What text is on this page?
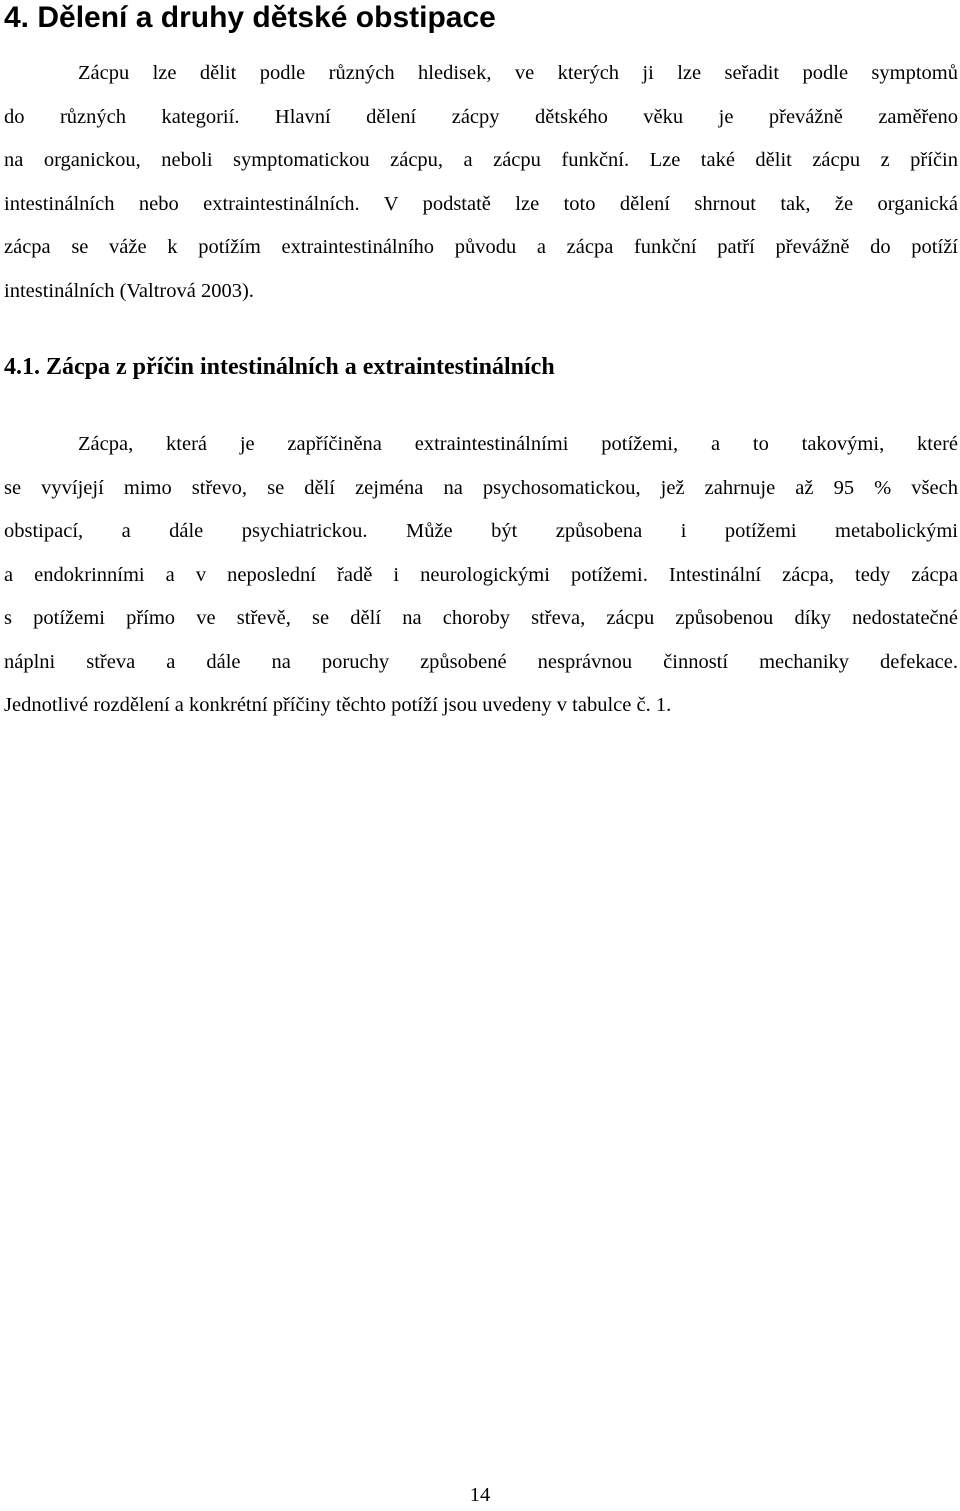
4. Dělení a druhy dětské obstipace
Zácpu lze dělit podle různých hledisek, ve kterých ji lze seřadit podle symptomů
do různých kategorií. Hlavní dělení zácpy dětského věku je převážně zaměřeno
na organickou, neboli symptomatickou zácpu, a zácpu funkční. Lze také dělit zácpu z příčin
intestinálních nebo extraintestinálních. V podstatě lze toto dělení shrnout tak, že organická
zácpa se váže k potížím extraintestinálního původu a zácpa funkční patří převážně do potíží
intestinálních (Valtrová 2003).
4.1. Zácpa z příčin intestinálních a extraintestinálních
Zácpa, která je zapříčiněna extraintestinálními potížemi, a to takovými, které
se vyvíjejí mimo střevo, se dělí zejména na psychosomatickou, jež zahrnuje až 95 % všech
obstipací, a dále psychiatrickou. Může být způsobena i potížemi metabolickými
a endokrinními a v neposlední řadě i neurologickými potížemi. Intestinální zácpa, tedy zácpa
s potížemi přímo ve střevě, se dělí na choroby střeva, zácpu způsobenou díky nedostatečné
náplni střeva a dále na poruchy způsobené nesprávnou činností mechaniky defekace.
Jednotlivé rozdělení a konkrétní příčiny těchto potíží jsou uvedeny v tabulce č. 1.
14
